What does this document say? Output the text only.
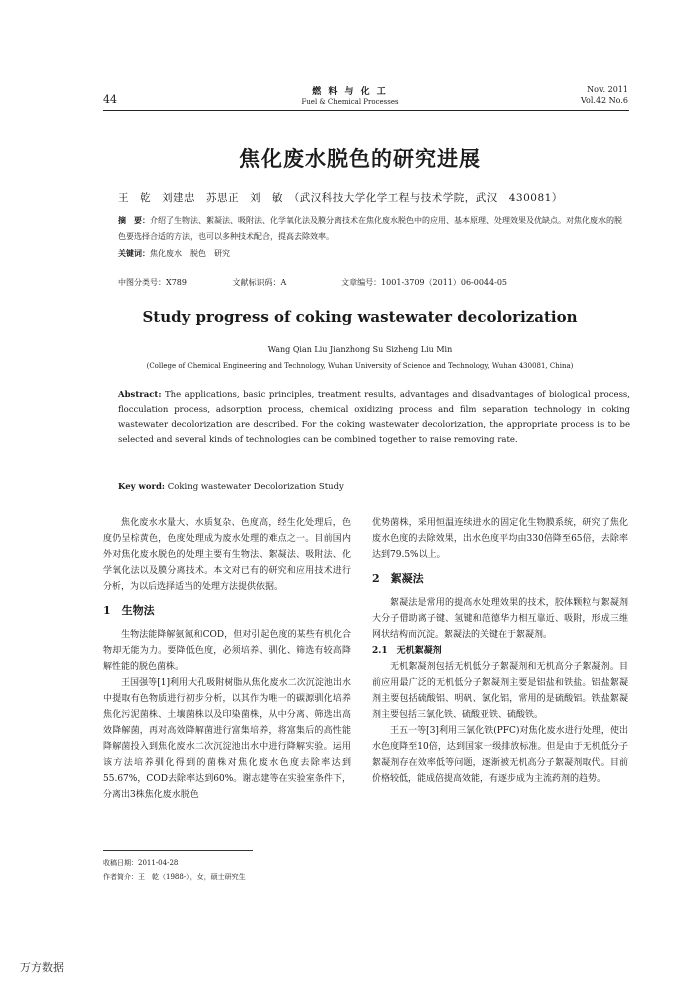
44
燃 料 与 化 工
Fuel & Chemical Processes
Nov. 2011
Vol.42 No.6
焦化废水脱色的研究进展
王　乾　刘建忠　苏思正　刘　敏　（武汉科技大学化学工程与技术学院，武汉　430081）
摘　要：介绍了生物法、絮凝法、吸附法、化学氧化法及膜分离技术在焦化废水脱色中的应用、基本原理、处理效果及优缺点。对焦化废水的脱色要选择合适的方法，也可以多种技术配合，提高去除效率。
关键词：焦化废水　脱色　研究
中图分类号：X789	文献标识码：A	文章编号：1001-3709（2011）06-0044-05
Study progress of coking wastewater decolorization
Wang Qian Liu Jianzhong Su Sizheng Liu Min
(College of Chemical Engineering and Technology, Wuhan University of Science and Technology, Wuhan 430081, China)
Abstract: The applications, basic principles, treatment results, advantages and disadvantages of biological process, flocculation process, adsorption process, chemical oxidizing process and film separation technology in coking wastewater decolorization are described. For the coking wastewater decolorization, the appropriate process is to be selected and several kinds of technologies can be combined together to raise removing rate.
Key word: Coking wastewater Decolorization Study

焦化废水水量大、水质复杂、色度高，经生化处理后，色度仍呈棕黄色，色度处理成为废水处理的难点之一。目前国内外对焦化废水脱色的处理主要有生物法、絮凝法、吸附法、化学氧化法以及膜分离技术。本文对已有的研究和应用技术进行分析，为以后选择适当的处理方法提供依据。

1　生物法

生物法能降解氨氮和COD，但对引起色度的某些有机化合物却无能为力。要降低色度，必须培养、驯化、筛选有较高降解性能的脱色菌株。

王国强等[1]利用大孔吸附树脂从焦化废水二次沉淀池出水中提取有色物质进行初步分析，以其作为唯一的碳源驯化培养焦化污泥菌株、土壤菌株以及印染菌株，从中分离、筛选出高效降解菌，再对高效降解菌进行富集培养，将富集后的高性能降解菌投入到焦化废水二次沉淀池出水中进行降解实验。运用该方法培养驯化得到的菌株对焦化废水色度去除率达到55.67%，COD去除率达到60%。谢志建等在实验室条件下，分离出3株焦化废水脱色

优势菌株，采用恒温连续进水的固定化生物膜系统，研究了焦化废水色度的去除效果，出水色度平均由330倍降至65倍，去除率达到79.5%以上。

2　絮凝法

絮凝法是常用的提高水处理效果的技术，胶体颗粒与絮凝剂大分子借助离子键、氢键和范德华力相互靠近、吸附，形成三维网状结构而沉淀。絮凝法的关键在于絮凝剂。

2.1　无机絮凝剂

无机絮凝剂包括无机低分子絮凝剂和无机高分子絮凝剂。目前应用最广泛的无机低分子絮凝剂主要是铝盐和铁盐。铝盐絮凝剂主要包括硫酸铝、明矾、氯化铝，常用的是硫酸铝。铁盐絮凝剂主要包括三氯化铁、硫酸亚铁、硫酸铁。

王五一等[3]利用三氯化铁(PFC)对焦化废水进行处理，使出水色度降至10倍，达到国家一级排放标准。但是由于无机低分子絮凝剂存在效率低等问题，逐渐被无机高分子絮凝剂取代。目前价格较低，能成倍提高效能，有逐步成为主流药剂的趋势。

收稿日期：2011-04-28
作者简介：王　乾（1988-），女，硕士研究生
万方数据
